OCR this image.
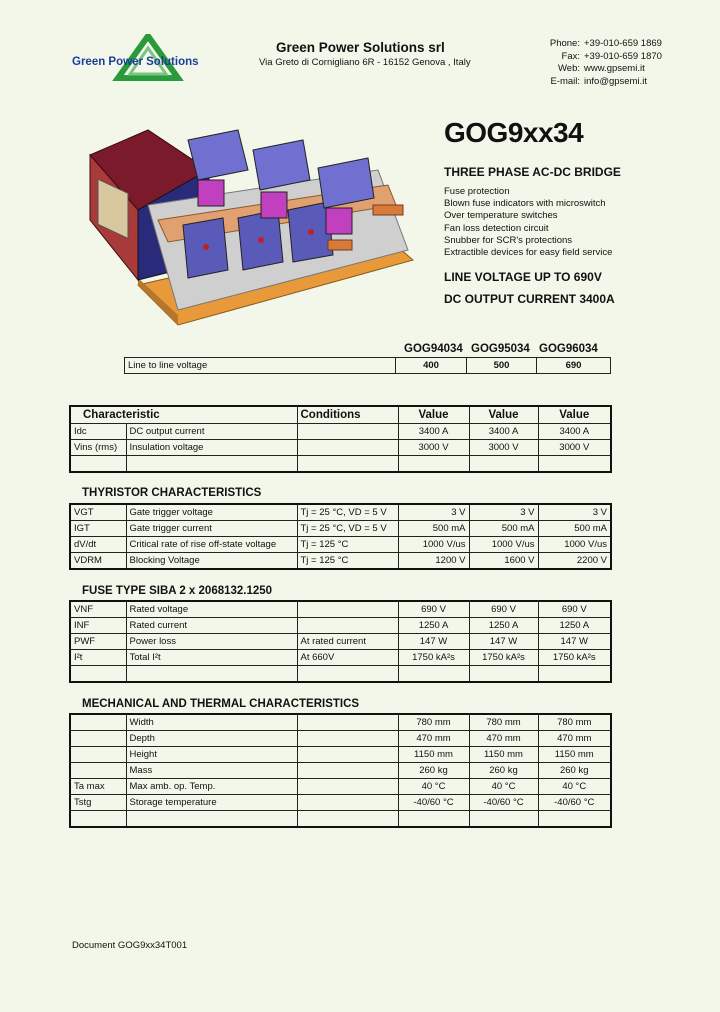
Green Power Solutions
Green Power Solutions srl
Via Greto di Cornigliano 6R - 16152 Genova , Italy
Phone: +39-010-659 1869
Fax: +39-010-659 1870
Web: www.gpsemi.it
E-mail: info@gpsemi.it
GOG9xx34
THREE PHASE AC-DC BRIDGE
Fuse protection
Blown fuse indicators with microswitch
Over temperature switches
Fan loss detection circuit
Snubber for SCR's protections
Extractible devices for easy field service
LINE VOLTAGE UP TO 690V
DC OUTPUT CURRENT 3400A
GOG94034 GOG95034 GOG96034
Line to line voltage	400	500	690
Characteristic		Conditions	Value	Value	Value
Idc	DC output current		3400 A	3400 A	3400 A
Vins (rms)	Insulation voltage		3000 V	3000 V	3000 V

THYRISTOR CHARACTERISTICS
VGT	Gate trigger voltage	Tj = 25 °C, VD = 5 V	3 V	3 V	3 V
IGT	Gate trigger current	Tj = 25 °C, VD = 5 V	500 mA	500 mA	500 mA
dV/dt	Critical rate of rise off-state voltage	Tj = 125 °C	1000 V/us	1000 V/us	1000 V/us
VDRM	Blocking Voltage	Tj = 125 °C	1200 V	1600 V	2200 V
FUSE TYPE SIBA 2 x 2068132.1250
VNF	Rated voltage		690 V	690 V	690 V
INF	Rated current		1250 A	1250 A	1250 A
PWF	Power loss	At rated current	147 W	147 W	147 W
I²t	Total I²t	At 660V	1750 kA²s	1750 kA²s	1750 kA²s

MECHANICAL AND THERMAL CHARACTERISTICS
	Width		780 mm	780 mm	780 mm
	Depth		470 mm	470 mm	470 mm
	Height		1150 mm	1150 mm	1150 mm
	Mass		260 kg	260 kg	260 kg
Ta max	Max amb. op. Temp.		40 °C	40 °C	40 °C
Tstg	Storage temperature		-40/60 °C	-40/60 °C	-40/60 °C

Document GOG9xx34T001
